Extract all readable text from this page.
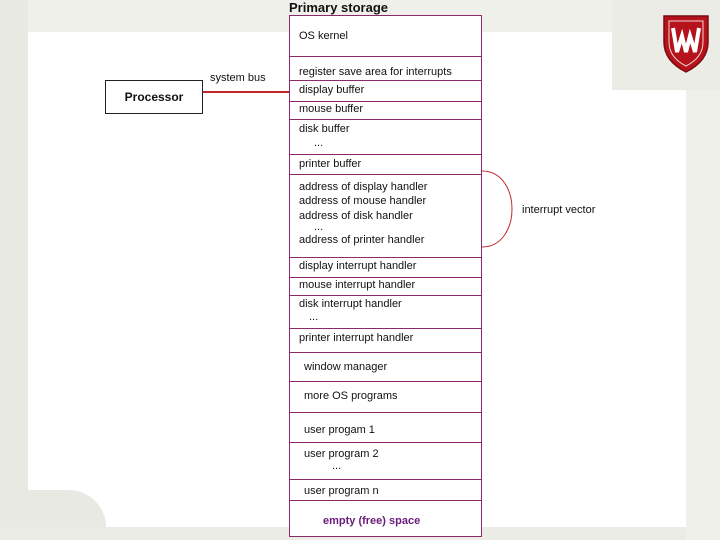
Primary storage
OS kernel
register save area for interrupts
display buffer
mouse buffer
disk buffer
...
printer buffer
address of display handler
address of mouse handler
address of disk handler
...
address of printer handler
display interrupt handler
mouse interrupt handler
disk interrupt handler
...
printer interrupt handler
window manager
more OS programs
user progam 1
user program 2
...
user program n
empty (free) space
Processor
system bus
interrupt vector
